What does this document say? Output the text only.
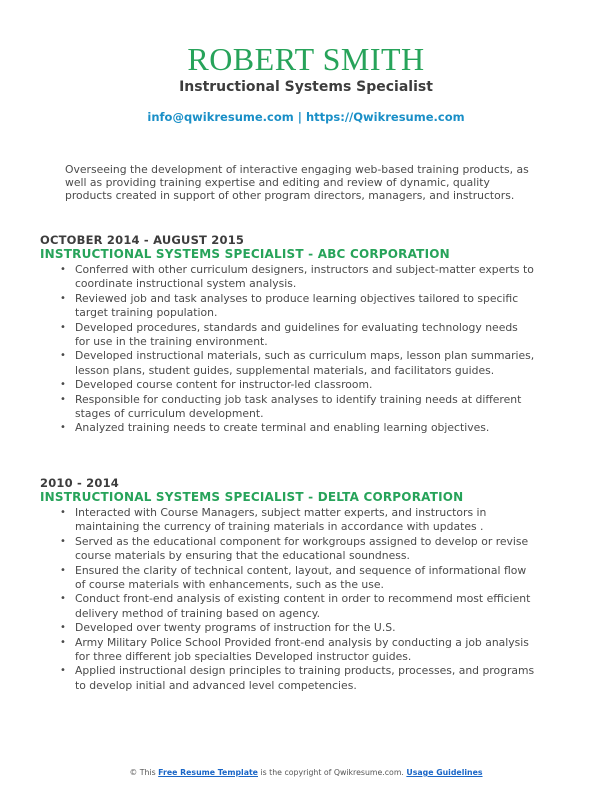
ROBERT SMITH
Instructional Systems Specialist
info@qwikresume.com | https://Qwikresume.com

Overseeing the development of interactive engaging web-based training products, as well as providing training expertise and editing and review of dynamic, quality products created in support of other program directors, managers, and instructors.

OCTOBER 2014 - AUGUST 2015
INSTRUCTIONAL SYSTEMS SPECIALIST - ABC CORPORATION
• Conferred with other curriculum designers, instructors and subject-matter experts to coordinate instructional system analysis.
• Reviewed job and task analyses to produce learning objectives tailored to specific target training population.
• Developed procedures, standards and guidelines for evaluating technology needs for use in the training environment.
• Developed instructional materials, such as curriculum maps, lesson plan summaries, lesson plans, student guides, supplemental materials, and facilitators guides.
• Developed course content for instructor-led classroom.
• Responsible for conducting job task analyses to identify training needs at different stages of curriculum development.
• Analyzed training needs to create terminal and enabling learning objectives.
2010 - 2014
INSTRUCTIONAL SYSTEMS SPECIALIST - DELTA CORPORATION
• Interacted with Course Managers, subject matter experts, and instructors in maintaining the currency of training materials in accordance with updates .
• Served as the educational component for workgroups assigned to develop or revise course materials by ensuring that the educational soundness.
• Ensured the clarity of technical content, layout, and sequence of informational flow of course materials with enhancements, such as the use.
• Conduct front-end analysis of existing content in order to recommend most efficient delivery method of training based on agency.
• Developed over twenty programs of instruction for the U.S.
• Army Military Police School Provided front-end analysis by conducting a job analysis for three different job specialties Developed instructor guides.
• Applied instructional design principles to training products, processes, and programs to develop initial and advanced level competencies.
© This Free Resume Template is the copyright of Qwikresume.com. Usage Guidelines
